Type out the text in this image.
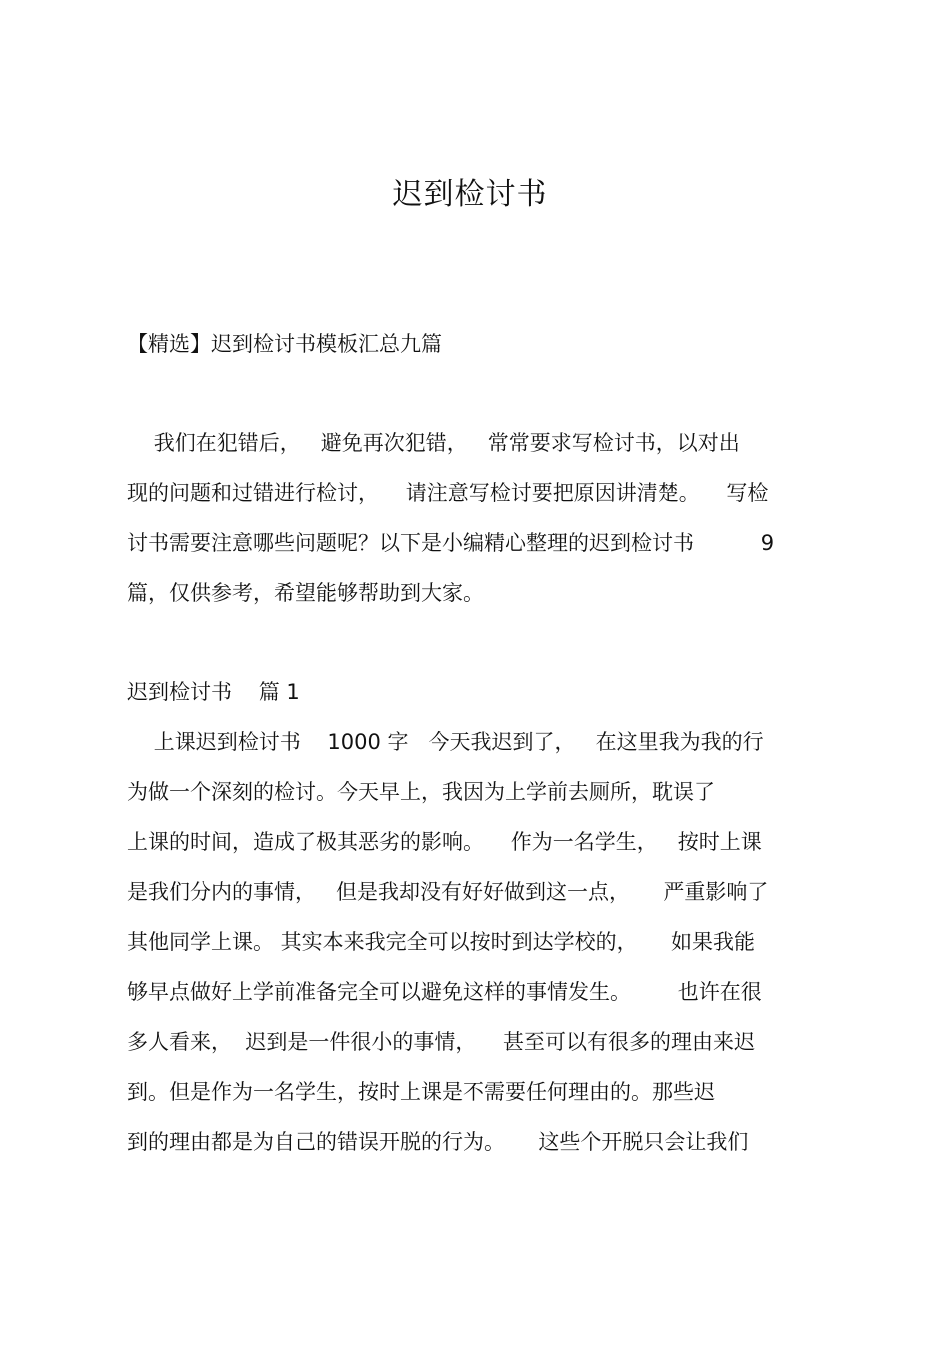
迟到检讨书
【精选】迟到检讨书模板汇总九篇
我们在犯错后，   避免再次犯错，   常常要求写检讨书，以对出
现的问题和过错进行检讨，    请注意写检讨要把原因讲清楚。    写检
讨书需要注意哪些问题呢？以下是小编精心整理的迟到检讨书          9
篇，仅供参考，希望能够帮助到大家。
迟到检讨书    篇 1
上课迟到检讨书    1000 字   今天我迟到了，   在这里我为我的行
为做一个深刻的检讨。今天早上，我因为上学前去厕所，耽误了
上课的时间，造成了极其恶劣的影响。    作为一名学生，   按时上课
是我们分内的事情，   但是我却没有好好做到这一点，     严重影响了
其他同学上课。 其实本来我完全可以按时到达学校的，     如果我能
够早点做好上学前准备完全可以避免这样的事情发生。       也许在很
多人看来，  迟到是一件很小的事情，    甚至可以有很多的理由来迟
到。但是作为一名学生，按时上课是不需要任何理由的。那些迟
到的理由都是为自己的错误开脱的行为。     这些个开脱只会让我们
